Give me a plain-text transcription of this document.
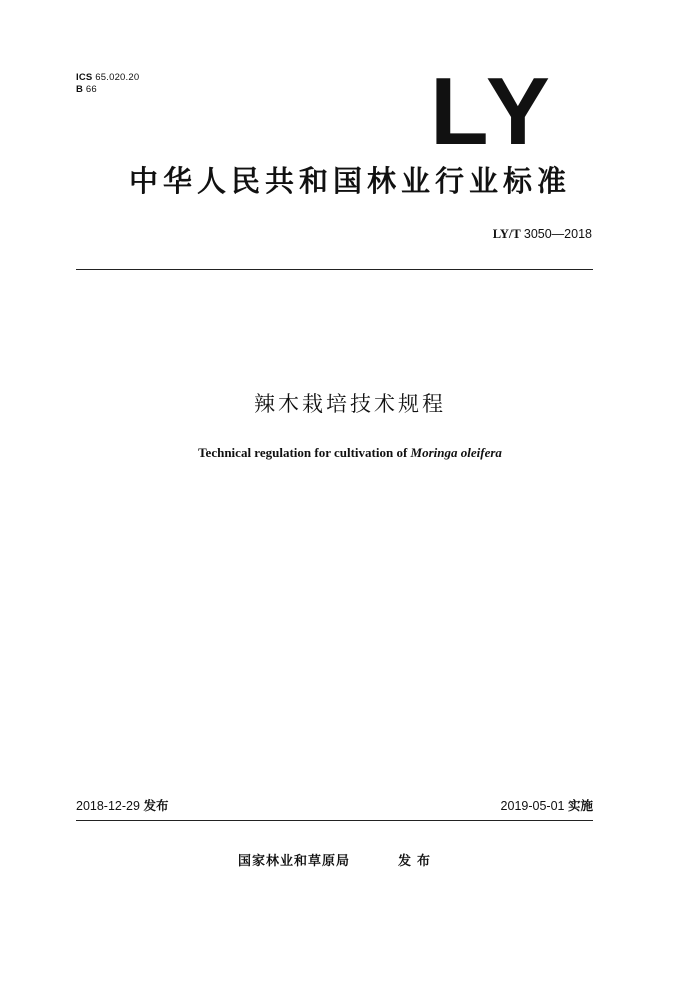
ICS 65.020.20
B 66	LY
中华人民共和国林业行业标准
LY/T 3050—2018
辣木栽培技术规程
Technical regulation for cultivation of Moringa oleifera
2018-12-29 发布	2019-05-01 实施
国家林业和草原局	发布
